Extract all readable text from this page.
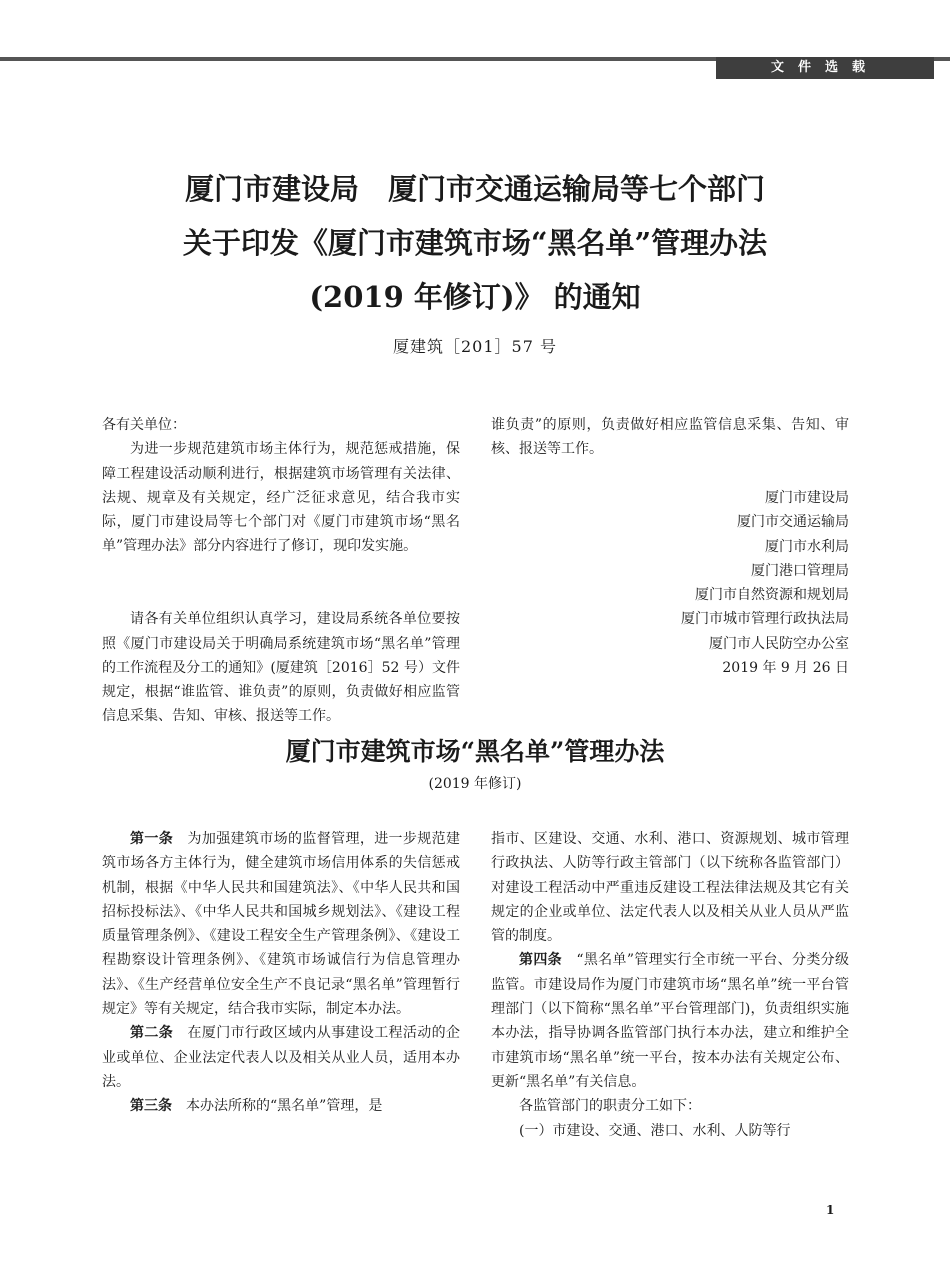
文件选载
厦门市建设局　厦门市交通运输局等七个部门
关于印发《厦门市建筑市场“黑名单”管理办法
(2019 年修订)》 的通知
厦建筑［201］57 号

各有关单位：

为进一步规范建筑市场主体行为，规范惩戒措施，保障工程建设活动顺利进行，根据建筑市场管理有关法律、法规、规章及有关规定，经广泛征求意见，结合我市实际，厦门市建设局等七个部门对《厦门市建筑市场“黑名单”管理办法》部分内容进行了修订，现印发实施。
请各有关单位组织认真学习，建设局系统各单位要按照《厦门市建设局关于明确局系统建筑市场“黑名单”管理的工作流程及分工的通知》(厦建筑［2016］52 号）文件规定，根据“谁监管、谁负责”的原则，负责做好相应监管信息采集、告知、审核、报送等工作。
谁负责”的原则，负责做好相应监管信息采集、告知、审核、报送等工作。

厦门市建设局

厦门市交通运输局

厦门市水利局

厦门港口管理局

厦门市自然资源和规划局

厦门市城市管理行政执法局

厦门市人民防空办公室

2019 年 9 月 26 日

厦门市建筑市场“黑名单”管理办法
(2019 年修订)

第一条　 为加强建筑市场的监督管理，进一步规范建筑市场各方主体行为，健全建筑市场信用体系的失信惩戒机制，根据《中华人民共和国建筑法》、《中华人民共和国招标投标法》、《中华人民共和国城乡规划法》、《建设工程质量管理条例》、《建设工程安全生产管理条例》、《建设工程勘察设计管理条例》、《建筑市场诚信行为信息管理办法》、《生产经营单位安全生产不良记录“黑名单”管理暂行规定》等有关规定，结合我市实际，制定本办法。

第二条　 在厦门市行政区域内从事建设工程活动的企业或单位、企业法定代表人以及相关从业人员，适用本办法。

第三条　 本办法所称的“黑名单”管理，是

指市、区建设、交通、水利、港口、资源规划、城市管理行政执法、人防等行政主管部门（以下统称各监管部门）对建设工程活动中严重违反建设工程法律法规及其它有关规定的企业或单位、法定代表人以及相关从业人员从严监管的制度。

第四条　 “黑名单”管理实行全市统一平台、分类分级监管。市建设局作为厦门市建筑市场“黑名单”统一平台管理部门（以下简称“黑名单”平台管理部门)，负责组织实施本办法，指导协调各监管部门执行本办法，建立和维护全市建筑市场“黑名单”统一平台，按本办法有关规定公布、更新“黑名单”有关信息。

各监管部门的职责分工如下：

(一）市建设、交通、港口、水利、人防等行

1
